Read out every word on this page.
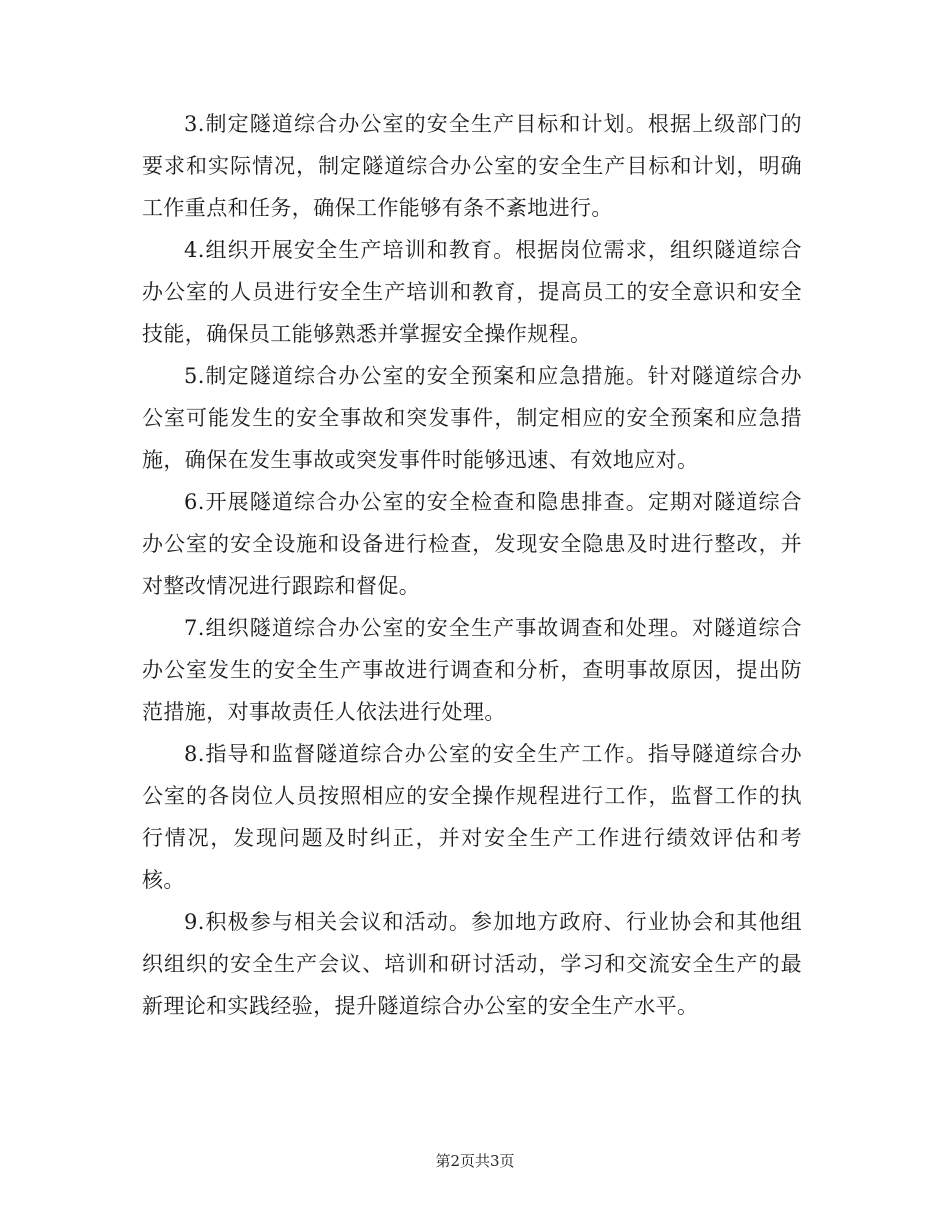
3.制定隧道综合办公室的安全生产目标和计划。根据上级部门的要求和实际情况，制定隧道综合办公室的安全生产目标和计划，明确工作重点和任务，确保工作能够有条不紊地进行。

4.组织开展安全生产培训和教育。根据岗位需求，组织隧道综合办公室的人员进行安全生产培训和教育，提高员工的安全意识和安全技能，确保员工能够熟悉并掌握安全操作规程。

5.制定隧道综合办公室的安全预案和应急措施。针对隧道综合办公室可能发生的安全事故和突发事件，制定相应的安全预案和应急措施，确保在发生事故或突发事件时能够迅速、有效地应对。

6.开展隧道综合办公室的安全检查和隐患排查。定期对隧道综合办公室的安全设施和设备进行检查，发现安全隐患及时进行整改，并对整改情况进行跟踪和督促。

7.组织隧道综合办公室的安全生产事故调查和处理。对隧道综合办公室发生的安全生产事故进行调查和分析，查明事故原因，提出防范措施，对事故责任人依法进行处理。

8.指导和监督隧道综合办公室的安全生产工作。指导隧道综合办公室的各岗位人员按照相应的安全操作规程进行工作，监督工作的执行情况，发现问题及时纠正，并对安全生产工作进行绩效评估和考核。

9.积极参与相关会议和活动。参加地方政府、行业协会和其他组织组织的安全生产会议、培训和研讨活动，学习和交流安全生产的最新理论和实践经验，提升隧道综合办公室的安全生产水平。

第2页共3页
